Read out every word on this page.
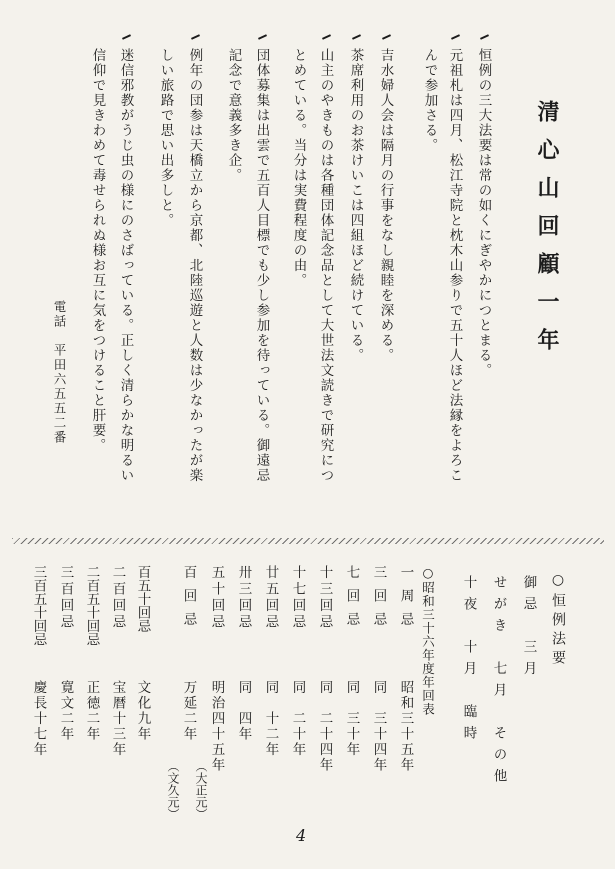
清心山回顧一年
恒例の三大法要は常の如くにぎやかにつとまる。
元祖札は四月、松江寺院と枕木山参りで五十人ほど法縁をよろこ
んで参加さる。
吉水婦人会は隔月の行事をなし親睦を深める。
茶席利用のお茶けいこは四組ほど続けている。
山主のやきものは各種団体記念品として大世法文読きで研究につ
とめている。当分は実費程度の由。
団体募集は出雲で五百人目標でも少し参加を待っている。御遠忌
記念で意義多き企。
例年の団参は天橋立から京都、北陸巡遊と人数は少なかったが楽
しい旅路で思い出多しと。
迷信邪教がうじ虫の様にのさばっている。正しく清らかな明るい
信仰で見きわめて毒せられぬ様お互に気をつけること肝要。
電話　平田六五五二番
○恒例法要
御忌　三月
せがき　七月　その他
十夜　十月　臨時
○昭和三十六年度年回表
一周忌
昭和三十五年
三回忌
同　三十四年
七回忌
同　三十年
十三回忌
同　二十四年
十七回忌
同　二十年
廿五回忌
同　十二年
卅三回忌
同　四年
五十回忌
明治四十五年
（大正元）
百回忌
万延二年
（文久元）
百五十回忌
文化九年
二百回忌
宝暦十三年
二百五十回忌
正徳二年
三百回忌
寛文二年
三百五十回忌
慶長十七年
4
